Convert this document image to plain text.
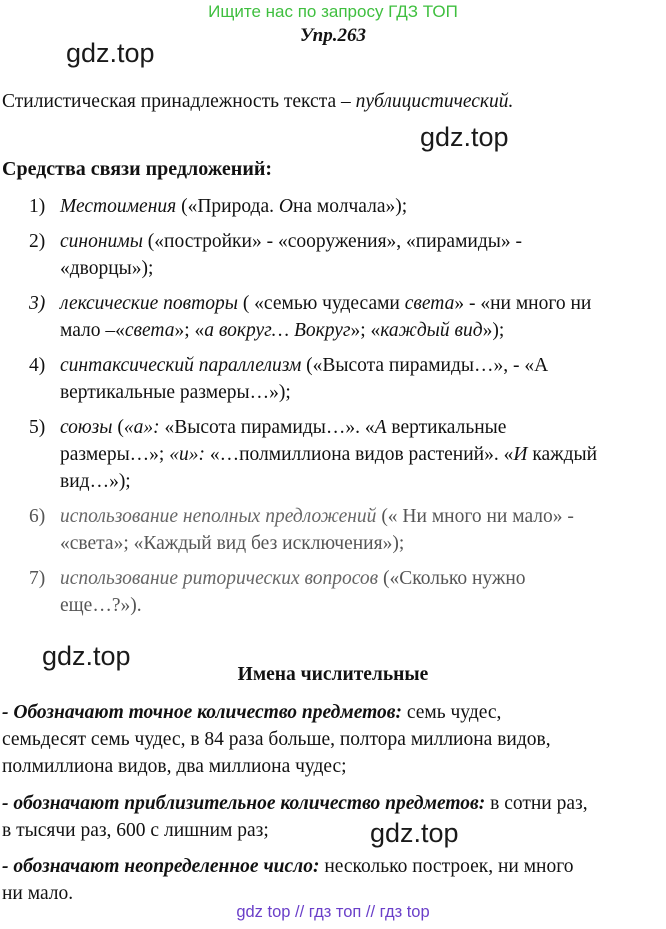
Ищите нас по запросу ГДЗ ТОП
Упр.263
gdz.top
gdz.top
gdz.top
gdz.top
Стилистическая принадлежность текста – публицистический.
Средства связи предложений:
1) Местоимения («Природа. Она молчала»);
2) синонимы («постройки» - «сооружения», «пирамиды» -
«дворцы»);
3) лексические повторы ( «семью чудесами света» - «ни много ни
мало –«света»; «а вокруг… Вокруг»; «каждый вид»);
4) синтаксический параллелизм («Высота пирамиды…», - «А
вертикальные размеры…»);
5) союзы («а»: «Высота пирамиды…». «А вертикальные
размеры…»; «и»: «…полмиллиона видов растений». «И каждый
вид…»);
6) использование неполных предложений (« Ни много ни мало» -
«света»; «Каждый вид без исключения»);
7) использование риторических вопросов («Сколько нужно
еще…?»).
Имена числительные
- Обозначают точное количество предметов: семь чудес,
семьдесят семь чудес, в 84 раза больше, полтора миллиона видов,
полмиллиона видов, два миллиона чудес;
- обозначают приблизительное количество предметов: в сотни раз,
в тысячи раз, 600 с лишним раз;
- обозначают неопределенное число: несколько построек, ни много
ни мало.
gdz top // гдз топ // гдз top
